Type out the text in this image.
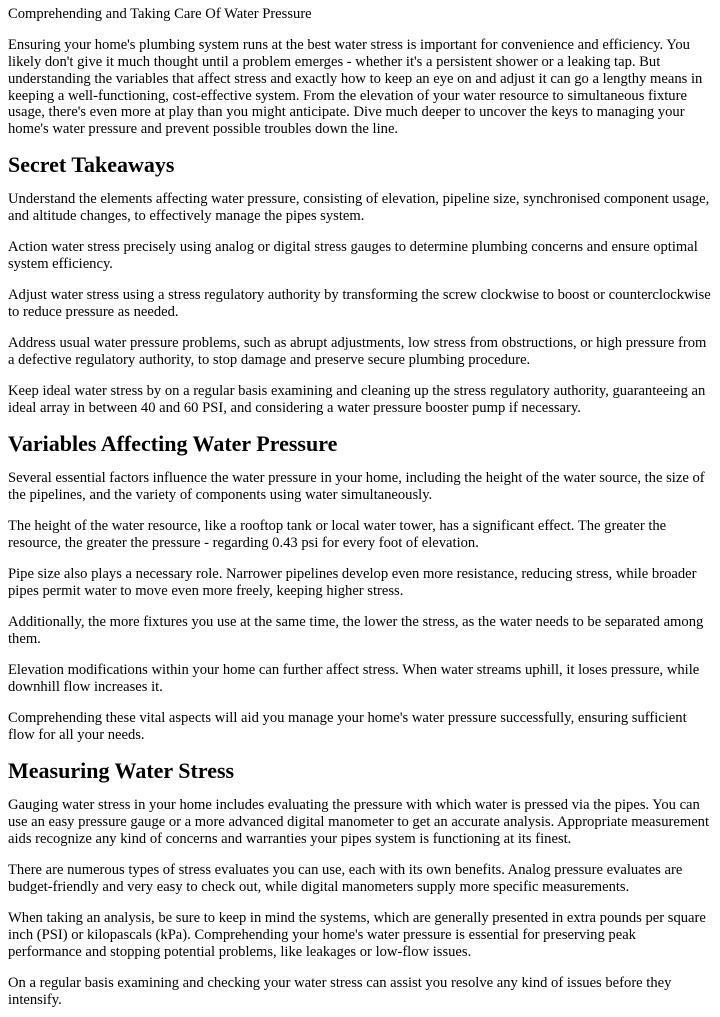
Comprehending and Taking Care Of Water Pressure

Ensuring your home's plumbing system runs at the best water stress is important for convenience and efficiency. You likely don't give it much thought until a problem emerges - whether it's a persistent shower or a leaking tap. But understanding the variables that affect stress and exactly how to keep an eye on and adjust it can go a lengthy means in keeping a well-functioning, cost-effective system. From the elevation of your water resource to simultaneous fixture usage, there's even more at play than you might anticipate. Dive much deeper to uncover the keys to managing your home's water pressure and prevent possible troubles down the line.

Secret Takeaways

Understand the elements affecting water pressure, consisting of elevation, pipeline size, synchronised component usage, and altitude changes, to effectively manage the pipes system.

Action water stress precisely using analog or digital stress gauges to determine plumbing concerns and ensure optimal system efficiency.

Adjust water stress using a stress regulatory authority by transforming the screw clockwise to boost or counterclockwise to reduce pressure as needed.

Address usual water pressure problems, such as abrupt adjustments, low stress from obstructions, or high pressure from a defective regulatory authority, to stop damage and preserve secure plumbing procedure.

Keep ideal water stress by on a regular basis examining and cleaning up the stress regulatory authority, guaranteeing an ideal array in between 40 and 60 PSI, and considering a water pressure booster pump if necessary.

Variables Affecting Water Pressure

Several essential factors influence the water pressure in your home, including the height of the water source, the size of the pipelines, and the variety of components using water simultaneously.

The height of the water resource, like a rooftop tank or local water tower, has a significant effect. The greater the resource, the greater the pressure - regarding 0.43 psi for every foot of elevation.

Pipe size also plays a necessary role. Narrower pipelines develop even more resistance, reducing stress, while broader pipes permit water to move even more freely, keeping higher stress.

Additionally, the more fixtures you use at the same time, the lower the stress, as the water needs to be separated among them.

Elevation modifications within your home can further affect stress. When water streams uphill, it loses pressure, while downhill flow increases it.

Comprehending these vital aspects will aid you manage your home's water pressure successfully, ensuring sufficient flow for all your needs.

Measuring Water Stress

Gauging water stress in your home includes evaluating the pressure with which water is pressed via the pipes. You can use an easy pressure gauge or a more advanced digital manometer to get an accurate analysis. Appropriate measurement aids recognize any kind of concerns and warranties your pipes system is functioning at its finest.

There are numerous types of stress evaluates you can use, each with its own benefits. Analog pressure evaluates are budget-friendly and very easy to check out, while digital manometers supply more specific measurements.

When taking an analysis, be sure to keep in mind the systems, which are generally presented in extra pounds per square inch (PSI) or kilopascals (kPa). Comprehending your home's water pressure is essential for preserving peak performance and stopping potential problems, like leakages or low-flow issues.

On a regular basis examining and checking your water stress can assist you resolve any kind of issues before they intensify.
